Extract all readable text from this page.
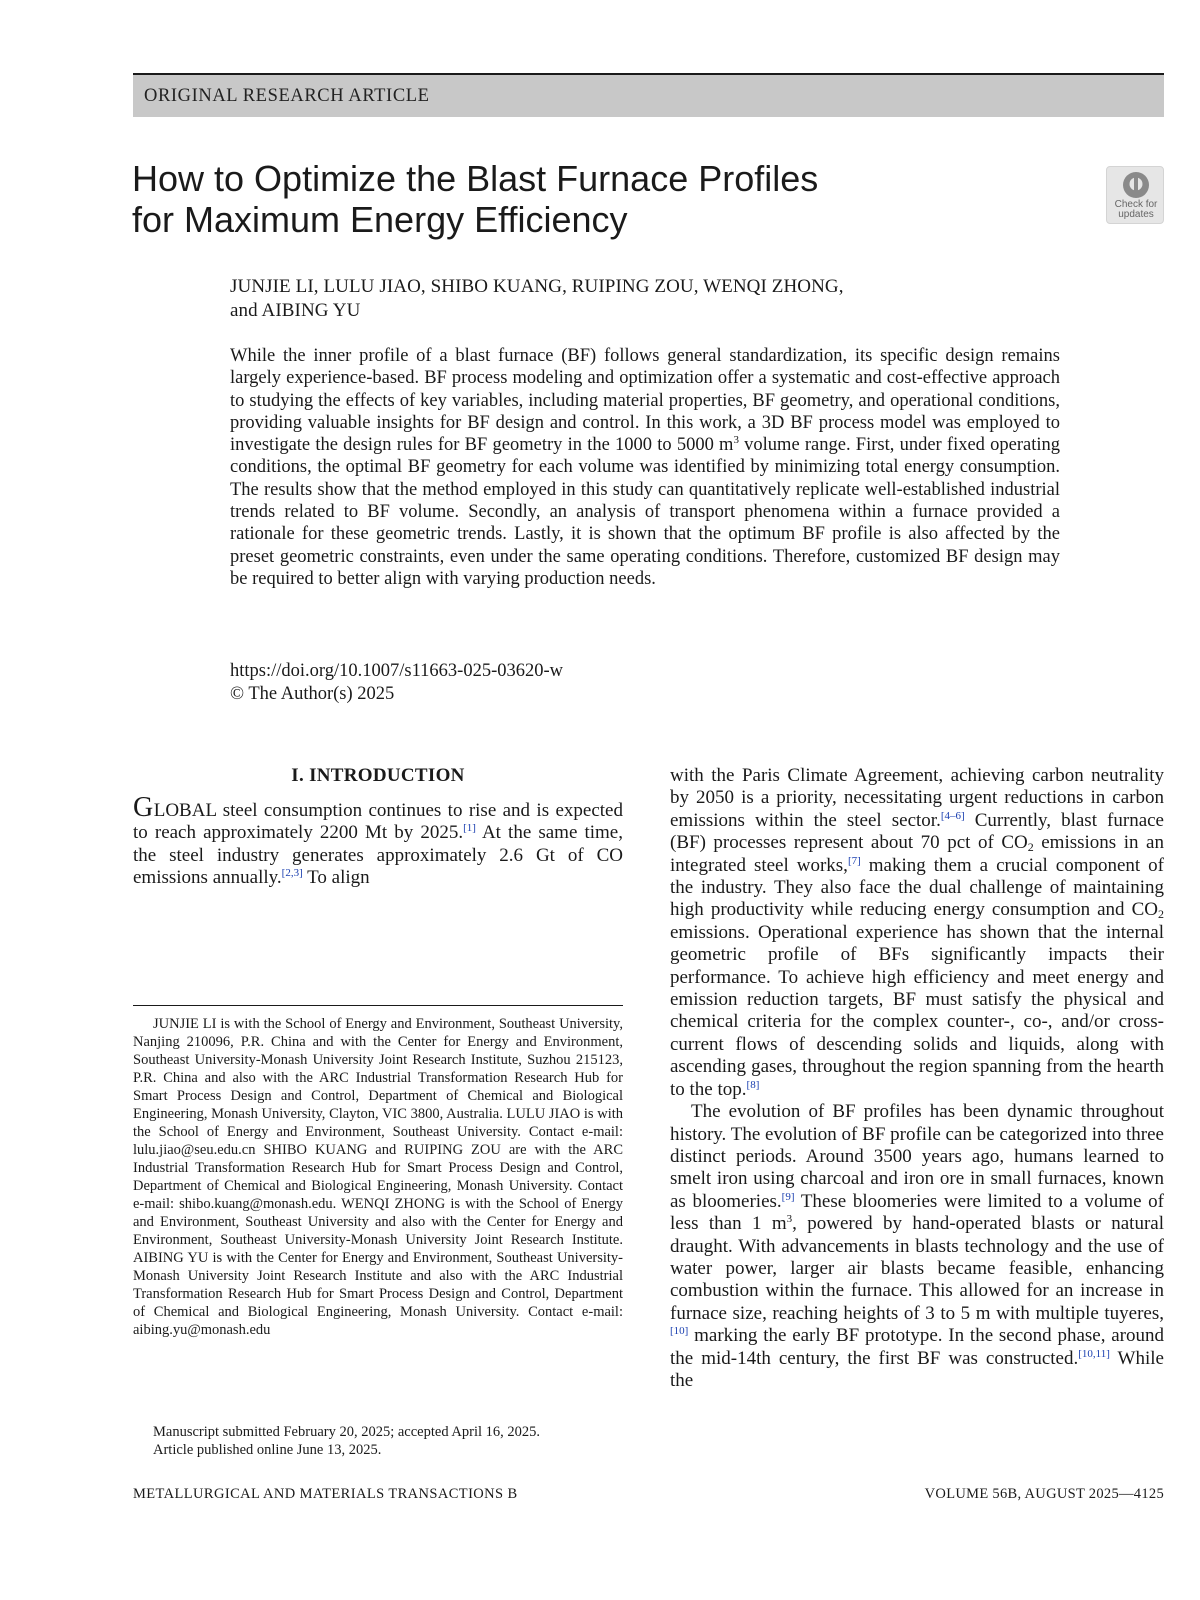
ORIGINAL RESEARCH ARTICLE
How to Optimize the Blast Furnace Profiles
for Maximum Energy Efficiency	Check for
updates
JUNJIE LI, LULU JIAO, SHIBO KUANG, RUIPING ZOU, WENQI ZHONG,
and AIBING YU

While the inner profile of a blast furnace (BF) follows general standardization, its specific design remains largely experience-based. BF process modeling and optimization offer a systematic and cost-effective approach to studying the effects of key variables, including material properties, BF geometry, and operational conditions, providing valuable insights for BF design and control. In this work, a 3D BF process model was employed to investigate the design rules for BF geometry in the 1000 to 5000 $m^3$ volume range. First, under fixed operating conditions, the optimal BF geometry for each volume was identified by minimizing total energy consumption. The results show that the method employed in this study can quantitatively replicate well-established industrial trends related to BF volume. Secondly, an analysis of transport phenomena within a furnace provided a rationale for these geometric trends. Lastly, it is shown that the optimum BF profile is also affected by the preset geometric constraints, even under the same operating conditions. Therefore, customized BF design may be required to better align with varying production needs.

https://doi.org/10.1007/s11663-025-03620-w
© The Author(s) 2025
I. INTRODUCTION

GLOBAL steel consumption continues to rise and is expected to reach approximately 2200 Mt by 2025.[1] At the same time, the steel industry generates approximately 2.6 Gt of CO emissions annually.[2,3] To align

JUNJIE LI is with the School of Energy and Environment, Southeast University, Nanjing 210096, P.R. China and with the Center for Energy and Environment, Southeast University-Monash University Joint Research Institute, Suzhou 215123, P.R. China and also with the ARC Industrial Transformation Research Hub for Smart Process Design and Control, Department of Chemical and Biological Engineering, Monash University, Clayton, VIC 3800, Australia. LULU JIAO is with the School of Energy and Environment, Southeast University. Contact e-mail: lulu.jiao@seu.edu.cn SHIBO KUANG and RUIPING ZOU are with the ARC Industrial Transformation Research Hub for Smart Process Design and Control, Department of Chemical and Biological Engineering, Monash University. Contact e-mail: shibo.kuang@monash.edu. WENQI ZHONG is with the School of Energy and Environment, Southeast University and also with the Center for Energy and Environment, Southeast University-Monash University Joint Research Institute. AIBING YU is with the Center for Energy and Environment, Southeast University-Monash University Joint Research Institute and also with the ARC Industrial Transformation Research Hub for Smart Process Design and Control, Department of Chemical and Biological Engineering, Monash University. Contact e-mail: aibing.yu@monash.edu

Manuscript submitted February 20, 2025; accepted April 16, 2025.
Article published online June 13, 2025.

with the Paris Climate Agreement, achieving carbon neutrality by 2050 is a priority, necessitating urgent reductions in carbon emissions within the steel sector.[4–6] Currently, blast furnace (BF) processes represent about 70 pct of $CO_2$ emissions in an integrated steel works,[7] making them a crucial component of the industry. They also face the dual challenge of maintaining high productivity while reducing energy consumption and $CO_2$ emissions. Operational experience has shown that the internal geometric profile of BFs significantly impacts their performance. To achieve high efficiency and meet energy and emission reduction targets, BF must satisfy the physical and chemical criteria for the complex counter-, co-, and/or cross-current flows of descending solids and liquids, along with ascending gases, throughout the region spanning from the hearth to the top.[8]

The evolution of BF profiles has been dynamic throughout history. The evolution of BF profile can be categorized into three distinct periods. Around 3500 years ago, humans learned to smelt iron using charcoal and iron ore in small furnaces, known as bloomeries.[9] These bloomeries were limited to a volume of less than 1 $m^3$, powered by hand-operated blasts or natural draught. With advancements in blasts technology and the use of water power, larger air blasts became feasible, enhancing combustion within the furnace. This allowed for an increase in furnace size, reaching heights of 3 to 5 m with multiple tuyeres,[10] marking the early BF prototype. In the second phase, around the mid-14th century, the first BF was constructed.[10,11] While the

METALLURGICAL AND MATERIALS TRANSACTIONS B	VOLUME 56B, AUGUST 2025—4125
